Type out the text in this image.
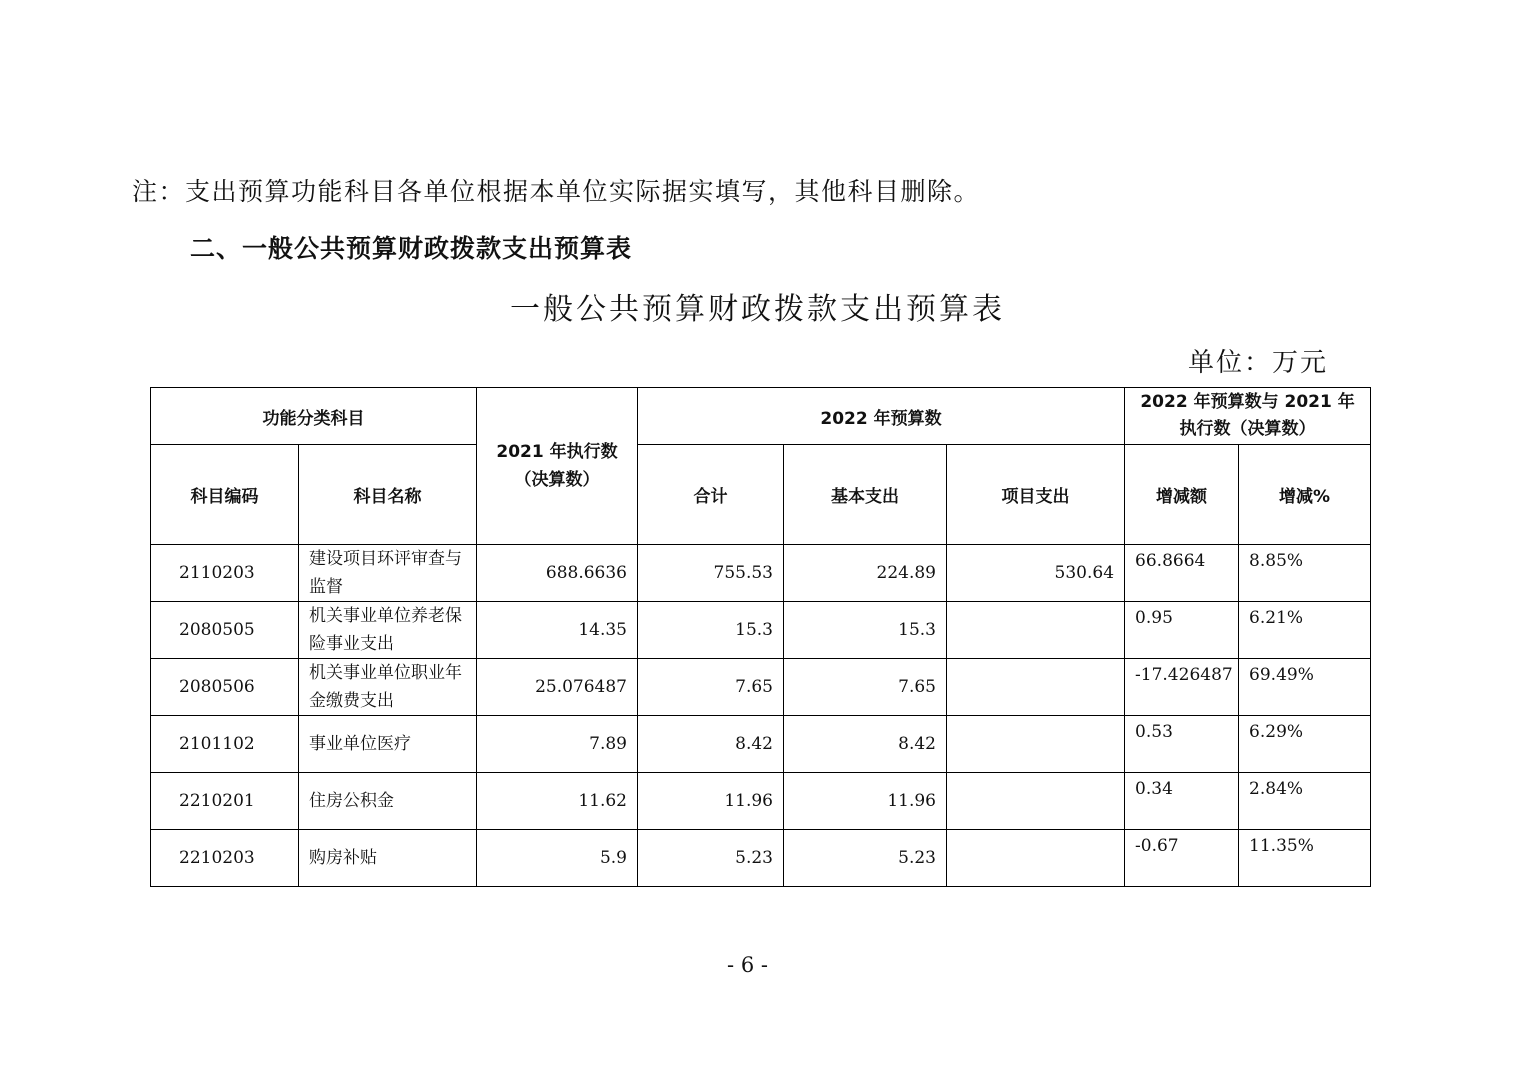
注：支出预算功能科目各单位根据本单位实际据实填写，其他科目删除。
二、一般公共预算财政拨款支出预算表
一般公共预算财政拨款支出预算表
单位：万元
功能分类科目		2021 年执行数（决算数）	2022 年预算数			2022 年预算数与 2021 年执行数（决算数）	
科目编码	科目名称		合计	基本支出	项目支出	增减额	增减%
2110203	建设项目环评审查与监督	688.6636	755.53	224.89	530.64	66.8664	8.85%
2080505	机关事业单位养老保险事业支出	14.35	15.3	15.3		0.95	6.21%
2080506	机关事业单位职业年金缴费支出	25.076487	7.65	7.65		-17.426487	69.49%
2101102	事业单位医疗	7.89	8.42	8.42		0.53	6.29%
2210201	住房公积金	11.62	11.96	11.96		0.34	2.84%
2210203	购房补贴	5.9	5.23	5.23		-0.67	11.35%
- 6 -
